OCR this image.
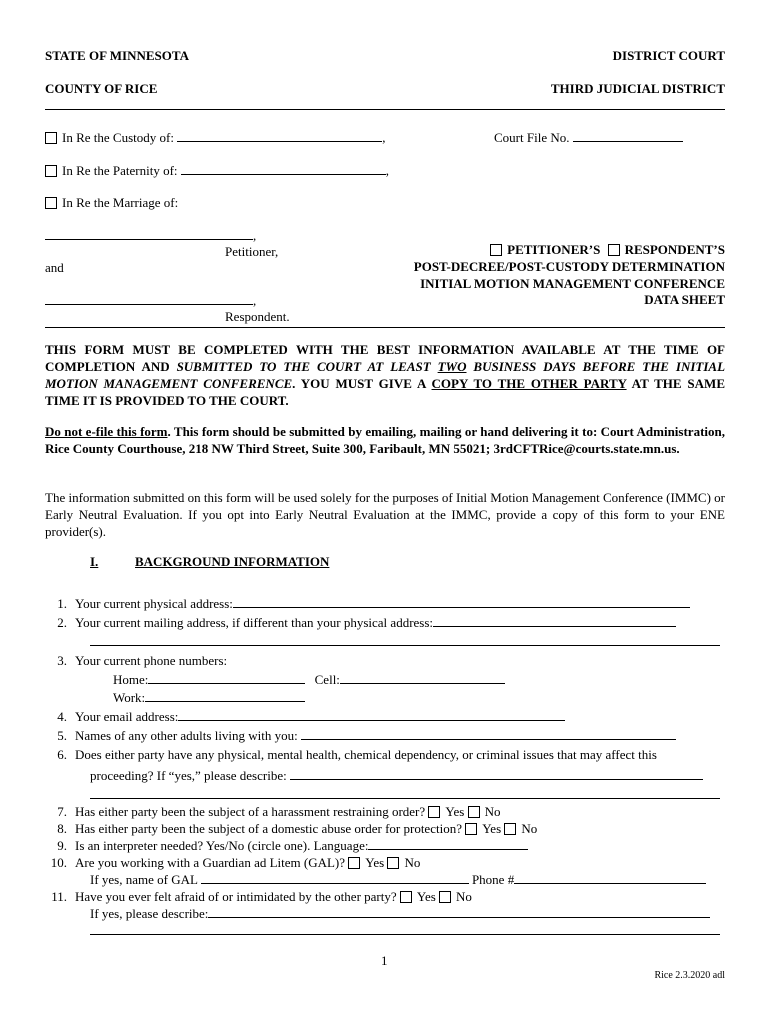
STATE OF MINNESOTA	DISTRICT COURT
COUNTY OF RICE	THIRD JUDICIAL DISTRICT
In Re the Custody of:	,	Court File No.
In Re the Paternity of:	,
In Re the Marriage of:
,
Petitioner,
and
,
Respondent.
PETITIONER’S RESPONDENT’S
POST-DECREE/POST-CUSTODY DETERMINATION
INITIAL MOTION MANAGEMENT CONFERENCE
DATA SHEET
THIS FORM MUST BE COMPLETED WITH THE BEST INFORMATION AVAILABLE AT THE TIME OF COMPLETION AND SUBMITTED TO THE COURT AT LEAST TWO BUSINESS DAYS BEFORE THE INITIAL MOTION MANAGEMENT CONFERENCE. YOU MUST GIVE A COPY TO THE OTHER PARTY AT THE SAME TIME IT IS PROVIDED TO THE COURT.
Do not e-file this form. This form should be submitted by emailing, mailing or hand delivering it to: Court Administration, Rice County Courthouse, 218 NW Third Street, Suite 300, Faribault, MN 55021; 3rdCFTRice@courts.state.mn.us.
The information submitted on this form will be used solely for the purposes of Initial Motion Management Conference (IMMC) or Early Neutral Evaluation. If you opt into Early Neutral Evaluation at the IMMC, provide a copy of this form to your ENE provider(s).
I.	BACKGROUND INFORMATION
1. Your current physical address:
2. Your current mailing address, if different than your physical address:
3. Your current phone numbers:
Home:	Cell:
Work:
4. Your email address:
5. Names of any other adults living with you:
6. Does either party have any physical, mental health, chemical dependency, or criminal issues that may affect this
proceeding? If “yes,” please describe:
7. Has either party been the subject of a harassment restraining order? Yes No
8. Has either party been the subject of a domestic abuse order for protection? Yes No
9. Is an interpreter needed? Yes/No (circle one). Language:
10. Are you working with a Guardian ad Litem (GAL)? Yes No
If yes, name of GAL	Phone #
11. Have you ever felt afraid of or intimidated by the other party? Yes No
If yes, please describe:
1
Rice 2.3.2020 adl
